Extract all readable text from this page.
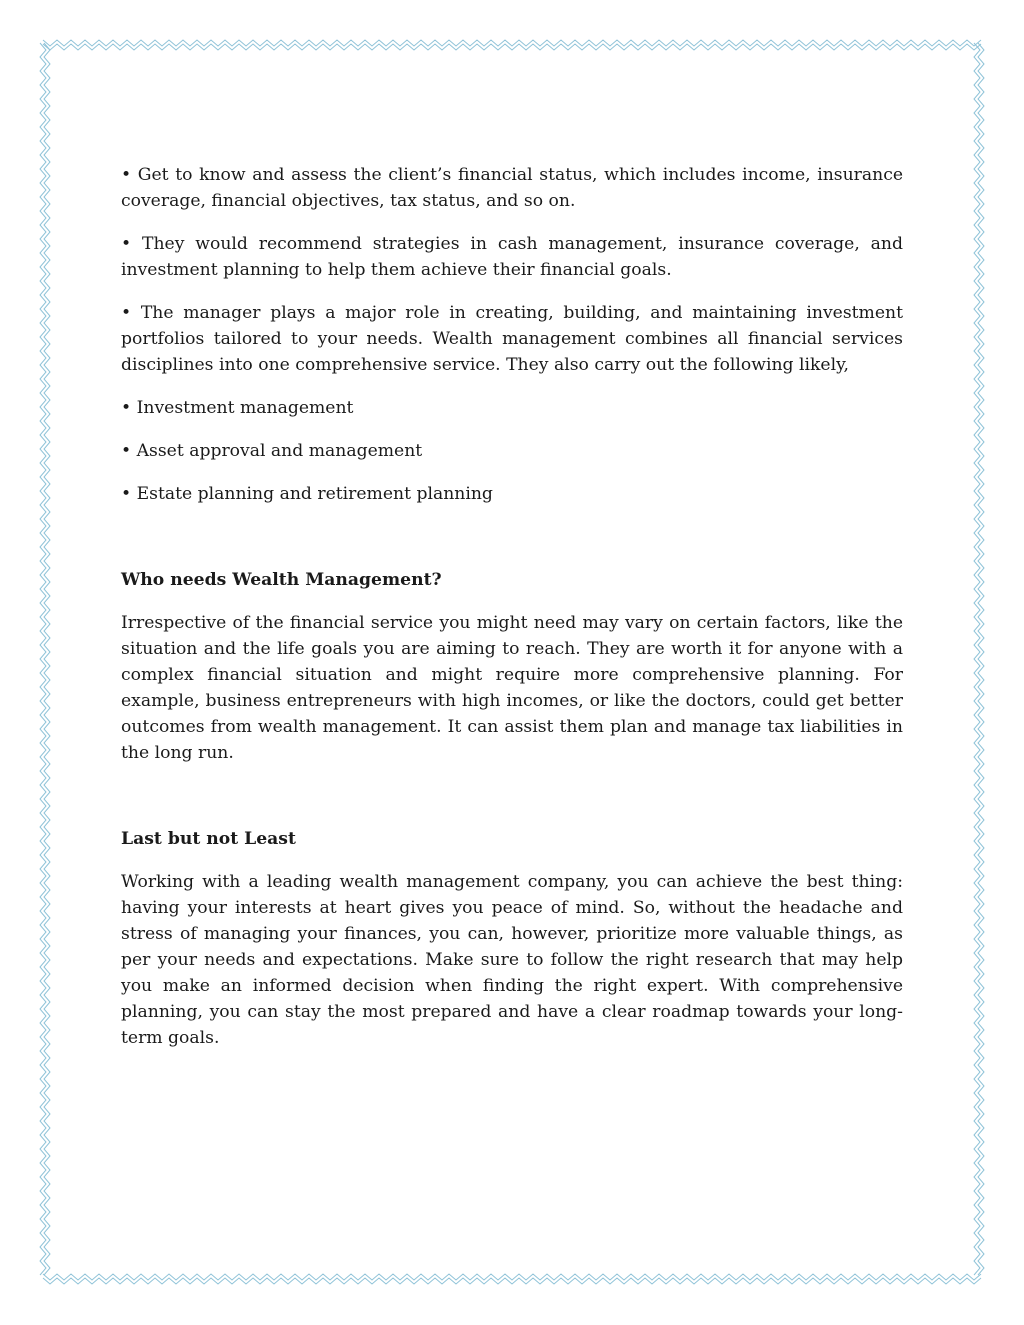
• Get to know and assess the client’s financial status, which includes income, insurance coverage, financial objectives, tax status, and so on.

• They would recommend strategies in cash management, insurance coverage, and investment planning to help them achieve their financial goals.

• The manager plays a major role in creating, building, and maintaining investment portfolios tailored to your needs. Wealth management combines all financial services disciplines into one comprehensive service. They also carry out the following likely,

• Investment management

• Asset approval and management

• Estate planning and retirement planning

Who needs Wealth Management?

Irrespective of the financial service you might need may vary on certain factors, like the situation and the life goals you are aiming to reach. They are worth it for anyone with a complex financial situation and might require more comprehensive planning. For example, business entrepreneurs with high incomes, or like the doctors, could get better outcomes from wealth management. It can assist them plan and manage tax liabilities in the long run.

Last but not Least

Working with a leading wealth management company, you can achieve the best thing: having your interests at heart gives you peace of mind. So, without the headache and stress of managing your finances, you can, however, prioritize more valuable things, as per your needs and expectations. Make sure to follow the right research that may help you make an informed decision when finding the right expert. With comprehensive planning, you can stay the most prepared and have a clear roadmap towards your long-term goals.
